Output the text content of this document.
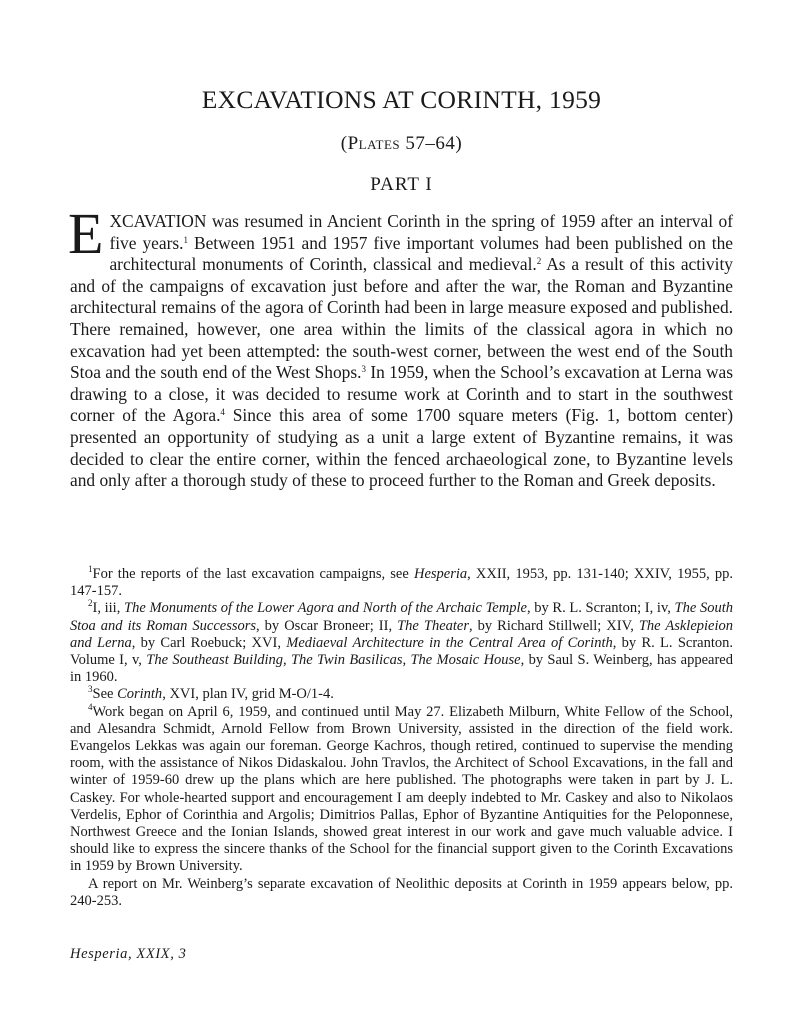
EXCAVATIONS AT CORINTH, 1959
(Plates 57–64)
PART I

EXCAVATION was resumed in Ancient Corinth in the spring of 1959 after an interval of five years.$^1$ Between 1951 and 1957 five important volumes had been published on the architectural monuments of Corinth, classical and medieval.$^2$ As a result of this activity and of the campaigns of excavation just before and after the war, the Roman and Byzantine architectural remains of the agora of Corinth had been in large measure exposed and published. There remained, however, one area within the limits of the classical agora in which no excavation had yet been attempted: the south-west corner, between the west end of the South Stoa and the south end of the West Shops.$^3$ In 1959, when the School’s excavation at Lerna was drawing to a close, it was decided to resume work at Corinth and to start in the southwest corner of the Agora.$^4$ Since this area of some 1700 square meters (Fig. 1, bottom center) presented an opportunity of studying as a unit a large extent of Byzantine remains, it was decided to clear the entire corner, within the fenced archaeological zone, to Byzantine levels and only after a thorough study of these to proceed further to the Roman and Greek deposits.

$^1$For the reports of the last excavation campaigns, see Hesperia, XXII, 1953, pp. 131-140; XXIV, 1955, pp. 147-157.

$^2$I, iii, The Monuments of the Lower Agora and North of the Archaic Temple, by R. L. Scranton; I, iv, The South Stoa and its Roman Successors, by Oscar Broneer; II, The Theater, by Richard Stillwell; XIV, The Asklepieion and Lerna, by Carl Roebuck; XVI, Mediaeval Architecture in the Central Area of Corinth, by R. L. Scranton. Volume I, v, The Southeast Building, The Twin Basilicas, The Mosaic House, by Saul S. Weinberg, has appeared in 1960.

$^3$See Corinth, XVI, plan IV, grid M-O/1-4.

$^4$Work began on April 6, 1959, and continued until May 27. Elizabeth Milburn, White Fellow of the School, and Alesandra Schmidt, Arnold Fellow from Brown University, assisted in the direction of the field work. Evangelos Lekkas was again our foreman. George Kachros, though retired, continued to supervise the mending room, with the assistance of Nikos Didaskalou. John Travlos, the Architect of School Excavations, in the fall and winter of 1959-60 drew up the plans which are here published. The photographs were taken in part by J. L. Caskey. For whole-hearted support and encouragement I am deeply indebted to Mr. Caskey and also to Nikolaos Verdelis, Ephor of Corinthia and Argolis; Dimitrios Pallas, Ephor of Byzantine Antiquities for the Peloponnese, Northwest Greece and the Ionian Islands, showed great interest in our work and gave much valuable advice. I should like to express the sincere thanks of the School for the financial support given to the Corinth Excavations in 1959 by Brown University.

A report on Mr. Weinberg’s separate excavation of Neolithic deposits at Corinth in 1959 appears below, pp. 240-253.

Hesperia, XXIX, 3
